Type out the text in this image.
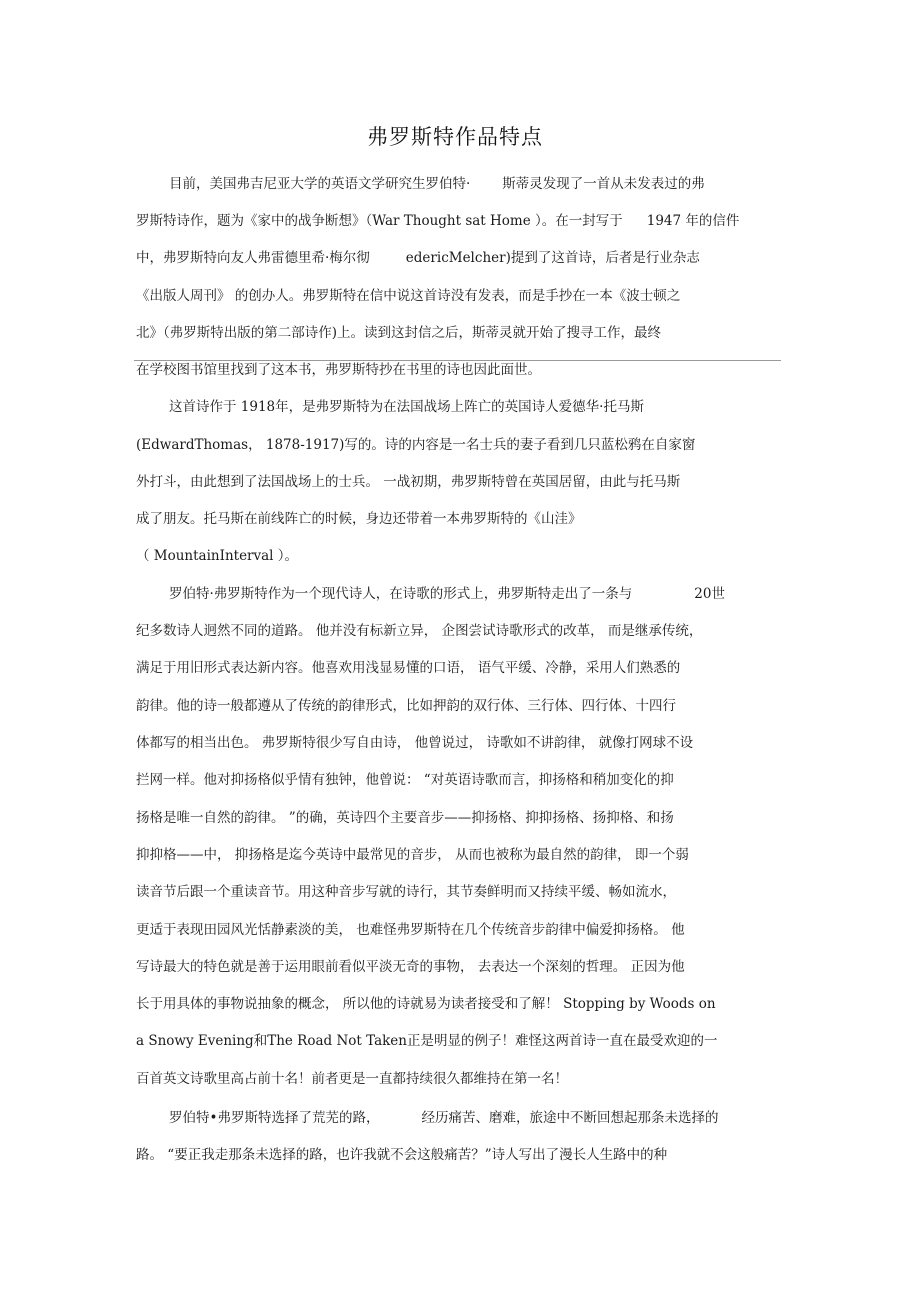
弗罗斯特作品特点
目前，美国弗吉尼亚大学的英语文学研究生罗伯特· 斯蒂灵发现了一首从未发表过的弗
罗斯特诗作，题为《家中的战争断想》（War Thought sat Home ）。在一封写于 1947 年的信件
中，弗罗斯特向友人弗雷德里希·梅尔彻	edericMelcher)提到了这首诗，后者是行业杂志
《出版人周刊》 的创办人。弗罗斯特在信中说这首诗没有发表，而是手抄在一本《波士顿之
北》（弗罗斯特出版的第二部诗作)上。读到这封信之后，斯蒂灵就开始了搜寻工作，最终
在学校图书馆里找到了这本书，弗罗斯特抄在书里的诗也因此面世。
这首诗作于 1918年，是弗罗斯特为在法国战场上阵亡的英国诗人爱德华·托马斯
(EdwardThomas， 1878-1917)写的。诗的内容是一名士兵的妻子看到几只蓝松鸦在自家窗
外打斗，由此想到了法国战场上的士兵。 一战初期，弗罗斯特曾在英国居留，由此与托马斯
成了朋友。托马斯在前线阵亡的时候，身边还带着一本弗罗斯特的《山洼》
（ MountainInterval ）。
罗伯特·弗罗斯特作为一个现代诗人，在诗歌的形式上，弗罗斯特走出了一条与	20世
纪多数诗人迥然不同的道路。 他并没有标新立异， 企图尝试诗歌形式的改革， 而是继承传统，
满足于用旧形式表达新内容。他喜欢用浅显易懂的口语， 语气平缓、冷静，采用人们熟悉的
韵律。他的诗一般都遵从了传统的韵律形式，比如押韵的双行体、三行体、四行体、十四行
体都写的相当出色。 弗罗斯特很少写自由诗， 他曾说过， 诗歌如不讲韵律， 就像打网球不设
拦网一样。他对抑扬格似乎情有独钟，他曾说： “对英语诗歌而言，抑扬格和稍加变化的抑
扬格是唯一自然的韵律。 ”的确，英诗四个主要音步——抑扬格、抑抑扬格、扬抑格、和扬
抑抑格——中， 抑扬格是迄今英诗中最常见的音步， 从而也被称为最自然的韵律， 即一个弱
读音节后跟一个重读音节。用这种音步写就的诗行，其节奏鲜明而又持续平缓、畅如流水，
更适于表现田园风光恬静素淡的美， 也难怪弗罗斯特在几个传统音步韵律中偏爱抑扬格。 他
写诗最大的特色就是善于运用眼前看似平淡无奇的事物， 去表达一个深刻的哲理。 正因为他
长于用具体的事物说抽象的概念， 所以他的诗就易为读者接受和了解！ Stopping by Woods on
a Snowy Evening和The Road Not Taken正是明显的例子！难怪这两首诗一直在最受欢迎的一
百首英文诗歌里高占前十名！前者更是一直都持续很久都维持在第一名！
罗伯特•弗罗斯特选择了荒芜的路，	经历痛苦、磨难，旅途中不断回想起那条未选择的
路。 “要正我走那条未选择的路，也许我就不会这般痛苦？”诗人写出了漫长人生路中的种
